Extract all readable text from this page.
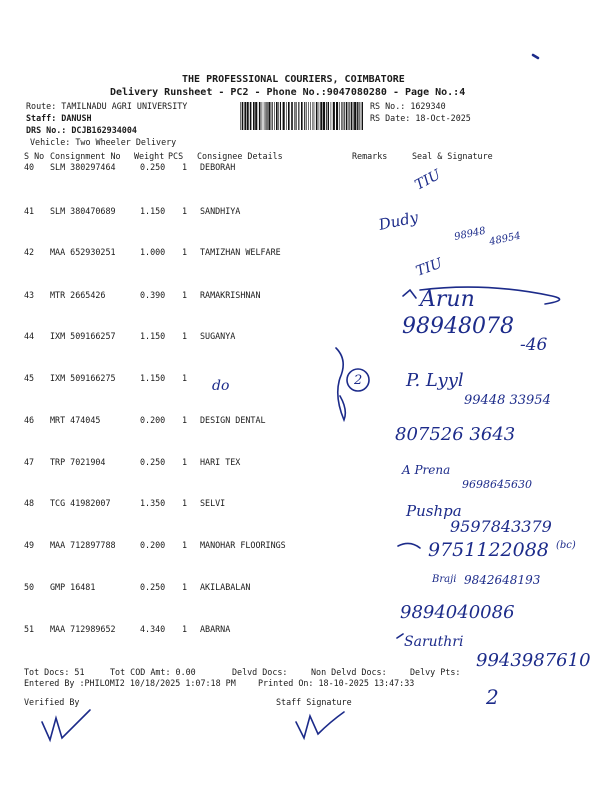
THE PROFESSIONAL COURIERS, COIMBATORE
Delivery Runsheet - PC2 - Phone No.:9047080280 - Page No.:4
Route: TAMILNADU AGRI UNIVERSITY
Staff: DANUSH
DRS No.: DCJB162934004
Vehicle: Two Wheeler Delivery
RS No.: 1629340
RS Date: 18-Oct-2025
S No Consignment No Weight PCS Consignee Details	Remarks	Seal & Signature
40 SLM 380297464	0.250 1 DEBORAH
41 SLM 380470689	1.150 1 SANDHIYA
42 MAA 652930251	1.000 1 TAMIZHAN WELFARE
43 MTR 2665426	0.390 1 RAMAKRISHNAN
44 IXM 509166257	1.150 1 SUGANYA
45 IXM 509166275	1.150 1
46 MRT 474045	0.200 1 DESIGN DENTAL
47 TRP 7021904	0.250 1 HARI TEX
48 TCG 41982007	1.350 1 SELVI
49 MAA 712897788	0.200 1 MANOHAR FLOORINGS
50 GMP 16481	0.250 1 AKILABALAN
51 MAA 712989652	4.340 1 ABARNA
Tot Docs: 51	Tot COD Amt: 0.00	Delvd Docs:	Non Delvd Docs:	Delvy Pts:
Entered By :PHILOMI2 10/18/2025 1:07:18 PM	Printed On: 18-10-2025 13:47:33
Verified By	Staff Signature
TIU
Dudy
98948 48954
TIU
Arun
98948078
-46
do	2 P. Lyyl
99448 33954
807526 3643
A Prena
9698645630
Pushpa
9597843379
9751122088 (bc)
Braji 9842648193
9894040086
Saruthri
9943987610
2
